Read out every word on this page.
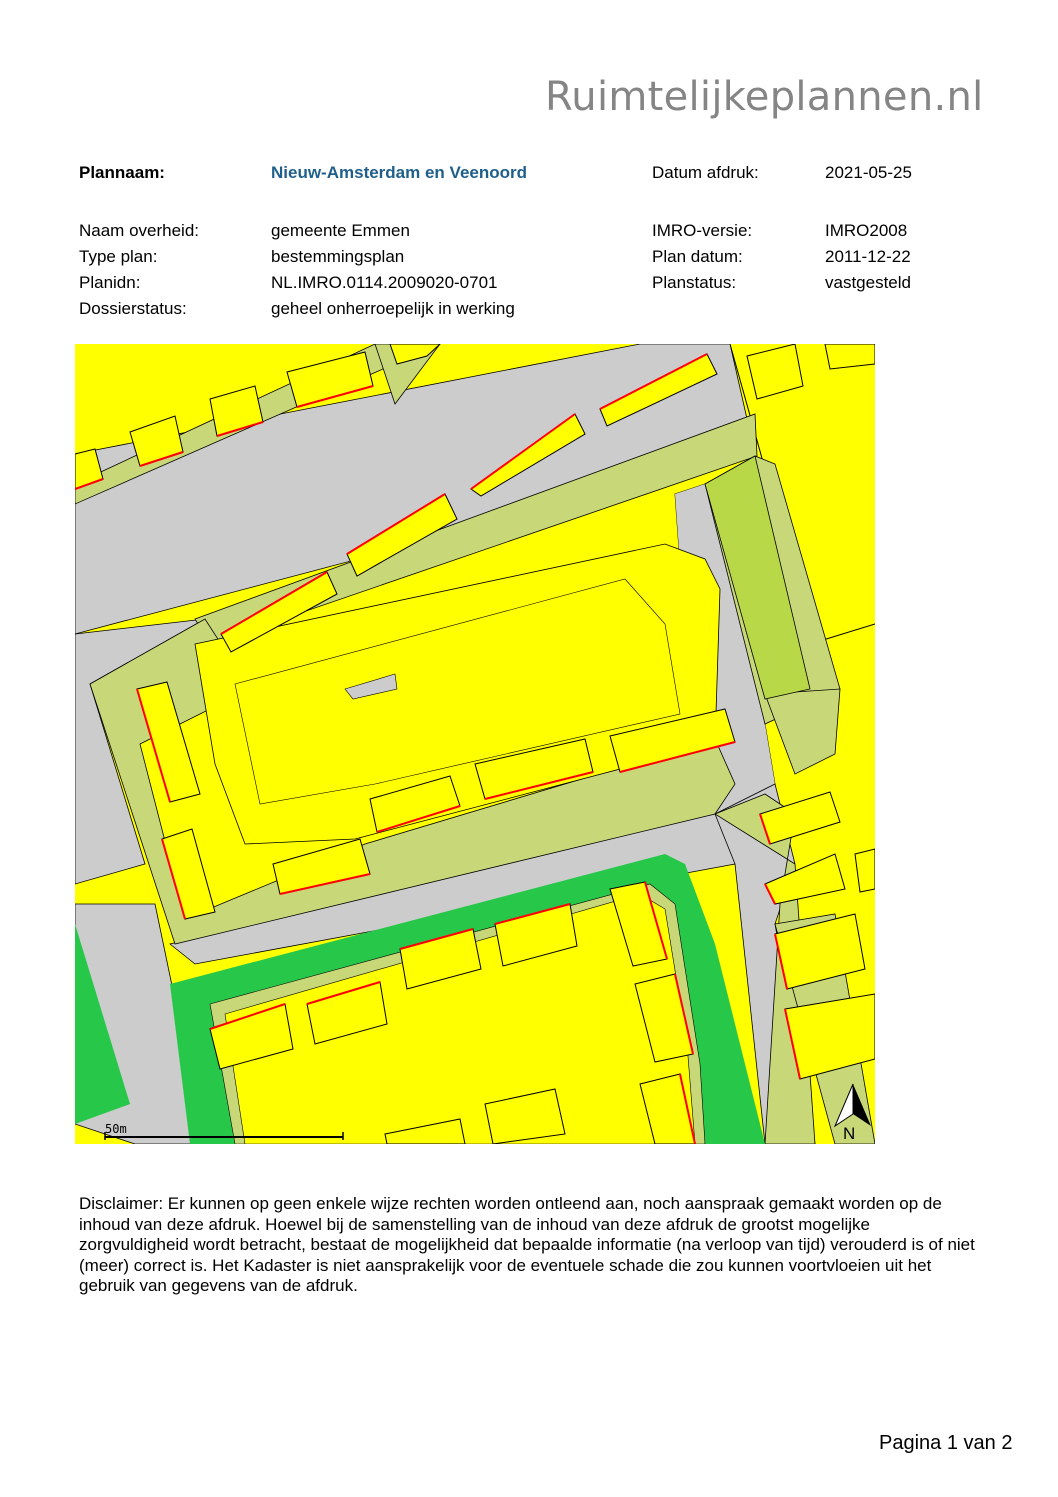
Ruimtelijkeplannen.nl
Plannaam:	Nieuw-Amsterdam en Veenoord	Datum afdruk:	2021-05-25
Naam overheid:	gemeente Emmen	IMRO-versie:	IMRO2008
Type plan:	bestemmingsplan	Plan datum:	2011-12-22
Planidn:	NL.IMRO.0114.2009020-0701	Planstatus:	vastgesteld
Dossierstatus:	geheel onherroepelijk in werking
50m	N
Disclaimer: Er kunnen op geen enkele wijze rechten worden ontleend aan, noch aanspraak gemaakt worden op de inhoud van deze afdruk. Hoewel bij de samenstelling van de inhoud van deze afdruk de grootst mogelijke zorgvuldigheid wordt betracht, bestaat de mogelijkheid dat bepaalde informatie (na verloop van tijd) verouderd is of niet (meer) correct is. Het Kadaster is niet aansprakelijk voor de eventuele schade die zou kunnen voortvloeien uit het gebruik van gegevens van de afdruk.
Pagina 1 van 2
